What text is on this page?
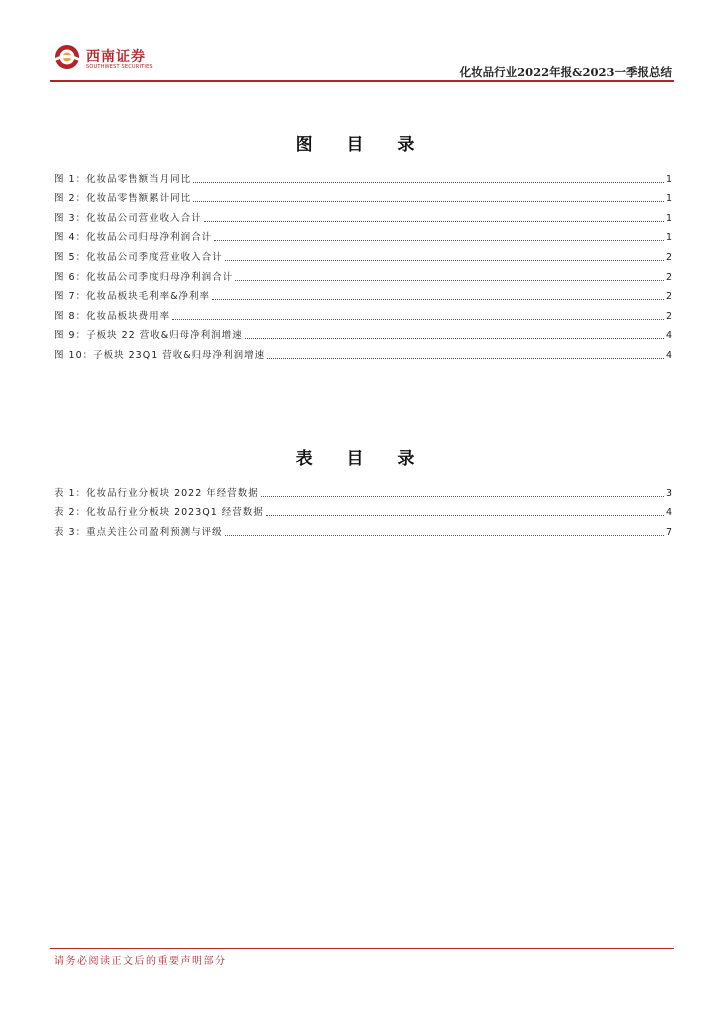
西南证券
SOUTHWEST SECURITIES	化妆品行业2022年报&2023一季报总结
图 目 录
图 1：化妆品零售额当月同比	1
图 2：化妆品零售额累计同比	1
图 3：化妆品公司营业收入合计	1
图 4：化妆品公司归母净利润合计	1
图 5：化妆品公司季度营业收入合计	2
图 6：化妆品公司季度归母净利润合计	2
图 7：化妆品板块毛利率&净利率	2
图 8：化妆品板块费用率	2
图 9：子板块 22 营收&归母净利润增速	4
图 10：子板块 23Q1 营收&归母净利润增速	4
表 目 录
表 1：化妆品行业分板块 2022 年经营数据	3
表 2：化妆品行业分板块 2023Q1 经营数据	4
表 3：重点关注公司盈利预测与评级	7
请务必阅读正文后的重要声明部分
